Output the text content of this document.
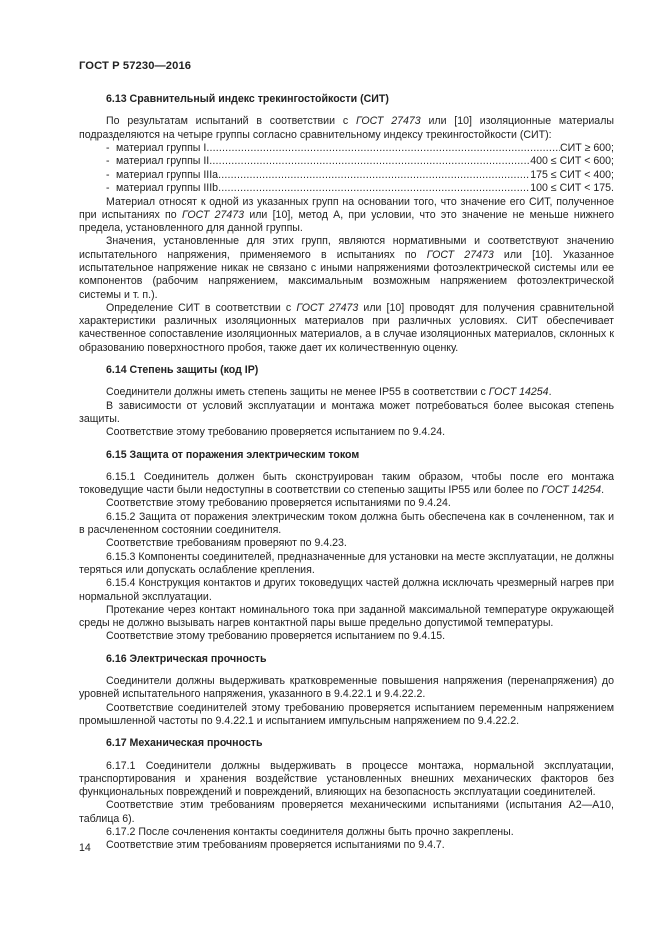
ГОСТ Р 57230—2016
6.13 Сравнительный индекс трекингостойкости (СИТ)

По результатам испытаний в соответствии с ГОСТ 27473 или [10] изоляционные материалы подразделяются на четыре группы согласно сравнительному индексу трекингостойкости (СИТ):

- материал группы I .....	СИТ ≥ 600;
- материал группы II .....	400 ≤ СИТ < 600;
- материал группы IIIa .....	175 ≤ СИТ < 400;
- материал группы IIIb .....	100 ≤ СИТ < 175.

Материал относят к одной из указанных групп на основании того, что значение его СИТ, полученное при испытаниях по ГОСТ 27473 или [10], метод А, при условии, что это значение не меньше нижнего предела, установленного для данной группы.

Значения, установленные для этих групп, являются нормативными и соответствуют значению испытательного напряжения, применяемого в испытаниях по ГОСТ 27473 или [10]. Указанное испытательное напряжение никак не связано с иными напряжениями фотоэлектрической системы или ее компонентов (рабочим напряжением, максимальным возможным напряжением фотоэлектрической системы и т. п.).

Определение СИТ в соответствии с ГОСТ 27473 или [10] проводят для получения сравнительной характеристики различных изоляционных материалов при различных условиях. СИТ обеспечивает качественное сопоставление изоляционных материалов, а в случае изоляционных материалов, склонных к образованию поверхностного пробоя, также дает их количественную оценку.

6.14 Степень защиты (код IP)

Соединители должны иметь степень защиты не менее IP55 в соответствии с ГОСТ 14254.

В зависимости от условий эксплуатации и монтажа может потребоваться более высокая степень защиты.

Соответствие этому требованию проверяется испытанием по 9.4.24.

6.15 Защита от поражения электрическим током

6.15.1 Соединитель должен быть сконструирован таким образом, чтобы после его монтажа токоведущие части были недоступны в соответствии со степенью защиты IP55 или более по ГОСТ 14254.

Соответствие этому требованию проверяется испытаниями по 9.4.24.

6.15.2 Защита от поражения электрическим током должна быть обеспечена как в сочлененном, так и в расчлененном состоянии соединителя.

Соответствие требованиям проверяют по 9.4.23.

6.15.3 Компоненты соединителей, предназначенные для установки на месте эксплуатации, не должны теряться или допускать ослабление крепления.

6.15.4 Конструкция контактов и других токоведущих частей должна исключать чрезмерный нагрев при нормальной эксплуатации.

Протекание через контакт номинального тока при заданной максимальной температуре окружающей среды не должно вызывать нагрев контактной пары выше предельно допустимой температуры.

Соответствие этому требованию проверяется испытанием по 9.4.15.

6.16 Электрическая прочность

Соединители должны выдерживать кратковременные повышения напряжения (перенапряжения) до уровней испытательного напряжения, указанного в 9.4.22.1 и 9.4.22.2.

Соответствие соединителей этому требованию проверяется испытанием переменным напряжением промышленной частоты по 9.4.22.1 и испытанием импульсным напряжением по 9.4.22.2.

6.17 Механическая прочность

6.17.1 Соединители должны выдерживать в процессе монтажа, нормальной эксплуатации, транспортирования и хранения воздействие установленных внешних механических факторов без функциональных повреждений и повреждений, влияющих на безопасность эксплуатации соединителей.

Соответствие этим требованиям проверяется механическими испытаниями (испытания А2—А10, таблица 6).

6.17.2 После сочленения контакты соединителя должны быть прочно закреплены.

Соответствие этим требованиям проверяется испытаниями по 9.4.7.

14
